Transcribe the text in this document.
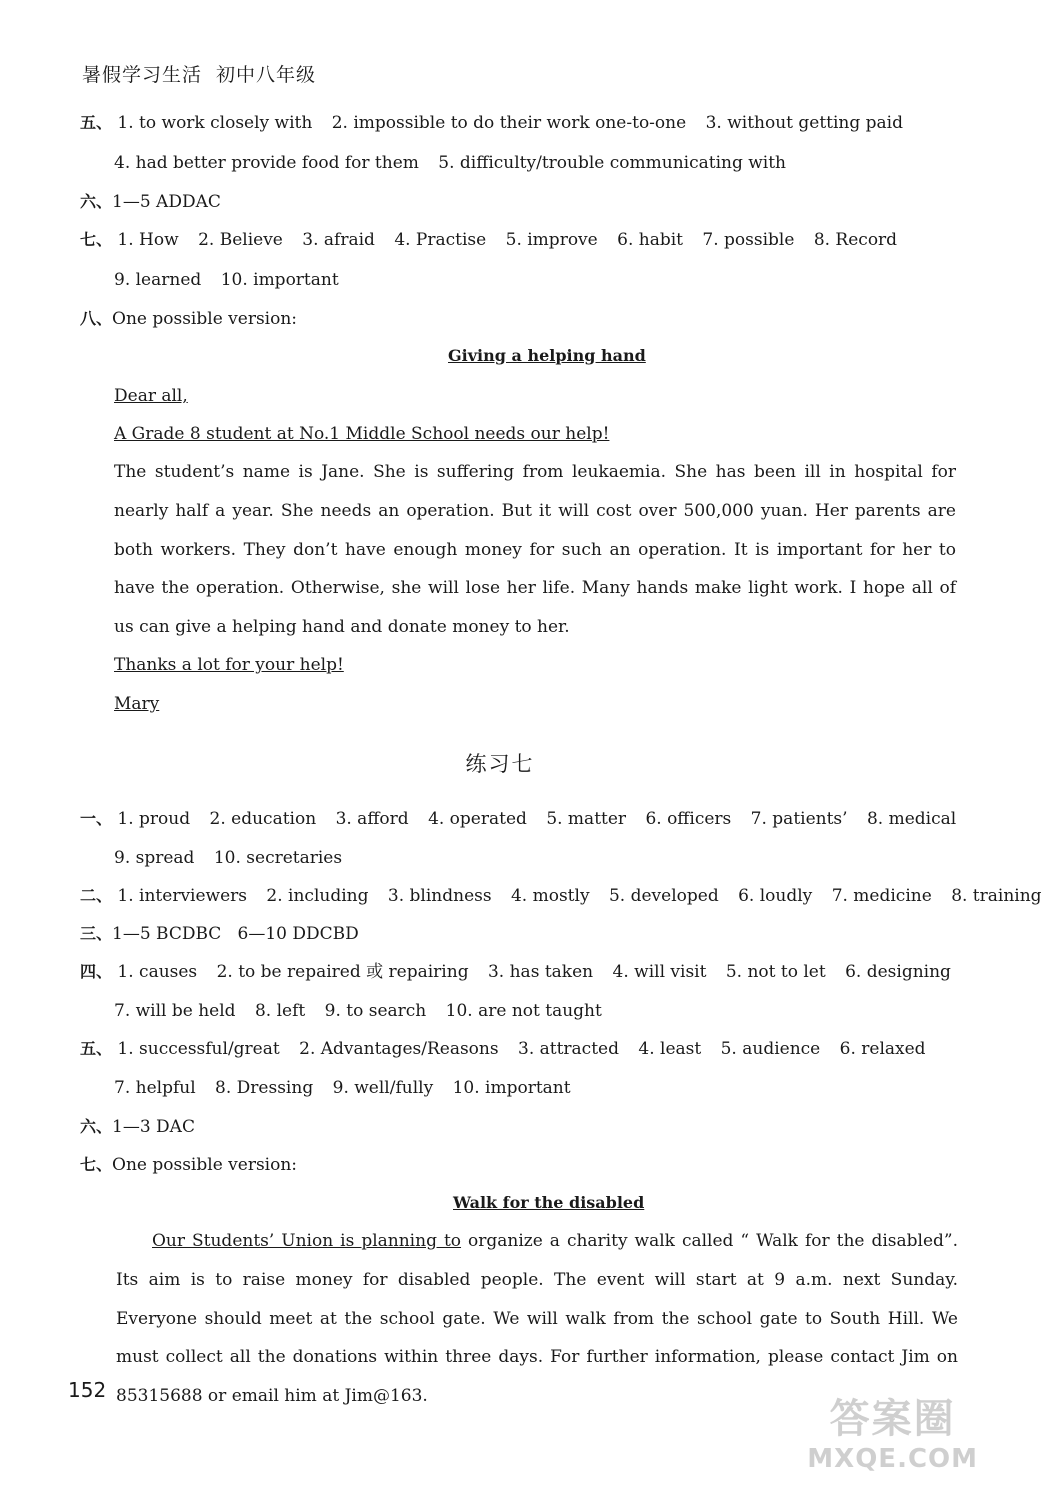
暑假学习生活 初中八年级
五、 1. to work closely with 2. impossible to do their work one-to-one 3. without getting paid
4. had better provide food for them 5. difficulty/trouble communicating with
六、1—5 ADDAC
七、 1. How 2. Believe 3. afraid 4. Practise 5. improve 6. habit 7. possible 8. Record
9. learned 10. important
八、One possible version:
Giving a helping hand
Dear all,
A Grade 8 student at No.1 Middle School needs our help!
The student’s name is Jane. She is suffering from leukaemia. She has been ill in hospital for nearly half a year. She needs an operation. But it will cost over 500,000 yuan. Her parents are both workers. They don’t have enough money for such an operation. It is important for her to have the operation. Otherwise, she will lose her life. Many hands make light work. I hope all of us can give a helping hand and donate money to her.
Thanks a lot for your help!
Mary
练习七
一、 1. proud 2. education 3. afford 4. operated 5. matter 6. officers 7. patients’ 8. medical
9. spread 10. secretaries
二、 1. interviewers 2. including 3. blindness 4. mostly 5. developed 6. loudly 7. medicine 8. training
三、1—5 BCDBC   6—10 DDCBD
四、 1. causes 2. to be repaired 或 repairing 3. has taken 4. will visit 5. not to let 6. designing
7. will be held 8. left 9. to search 10. are not taught
五、 1. successful/great 2. Advantages/Reasons 3. attracted 4. least 5. audience 6. relaxed
7. helpful 8. Dressing 9. well/fully 10. important
六、1—3 DAC
七、One possible version:
Walk for the disabled
Our Students’ Union is planning to organize a charity walk called “ Walk for the disabled”. Its aim is to raise money for disabled people. The event will start at 9 a.m. next Sunday. Everyone should meet at the school gate. We will walk from the school gate to South Hill. We must collect all the donations within three days. For further information, please contact Jim on 85315688 or email him at Jim@163.
152
答案圈
MXQE.COM
